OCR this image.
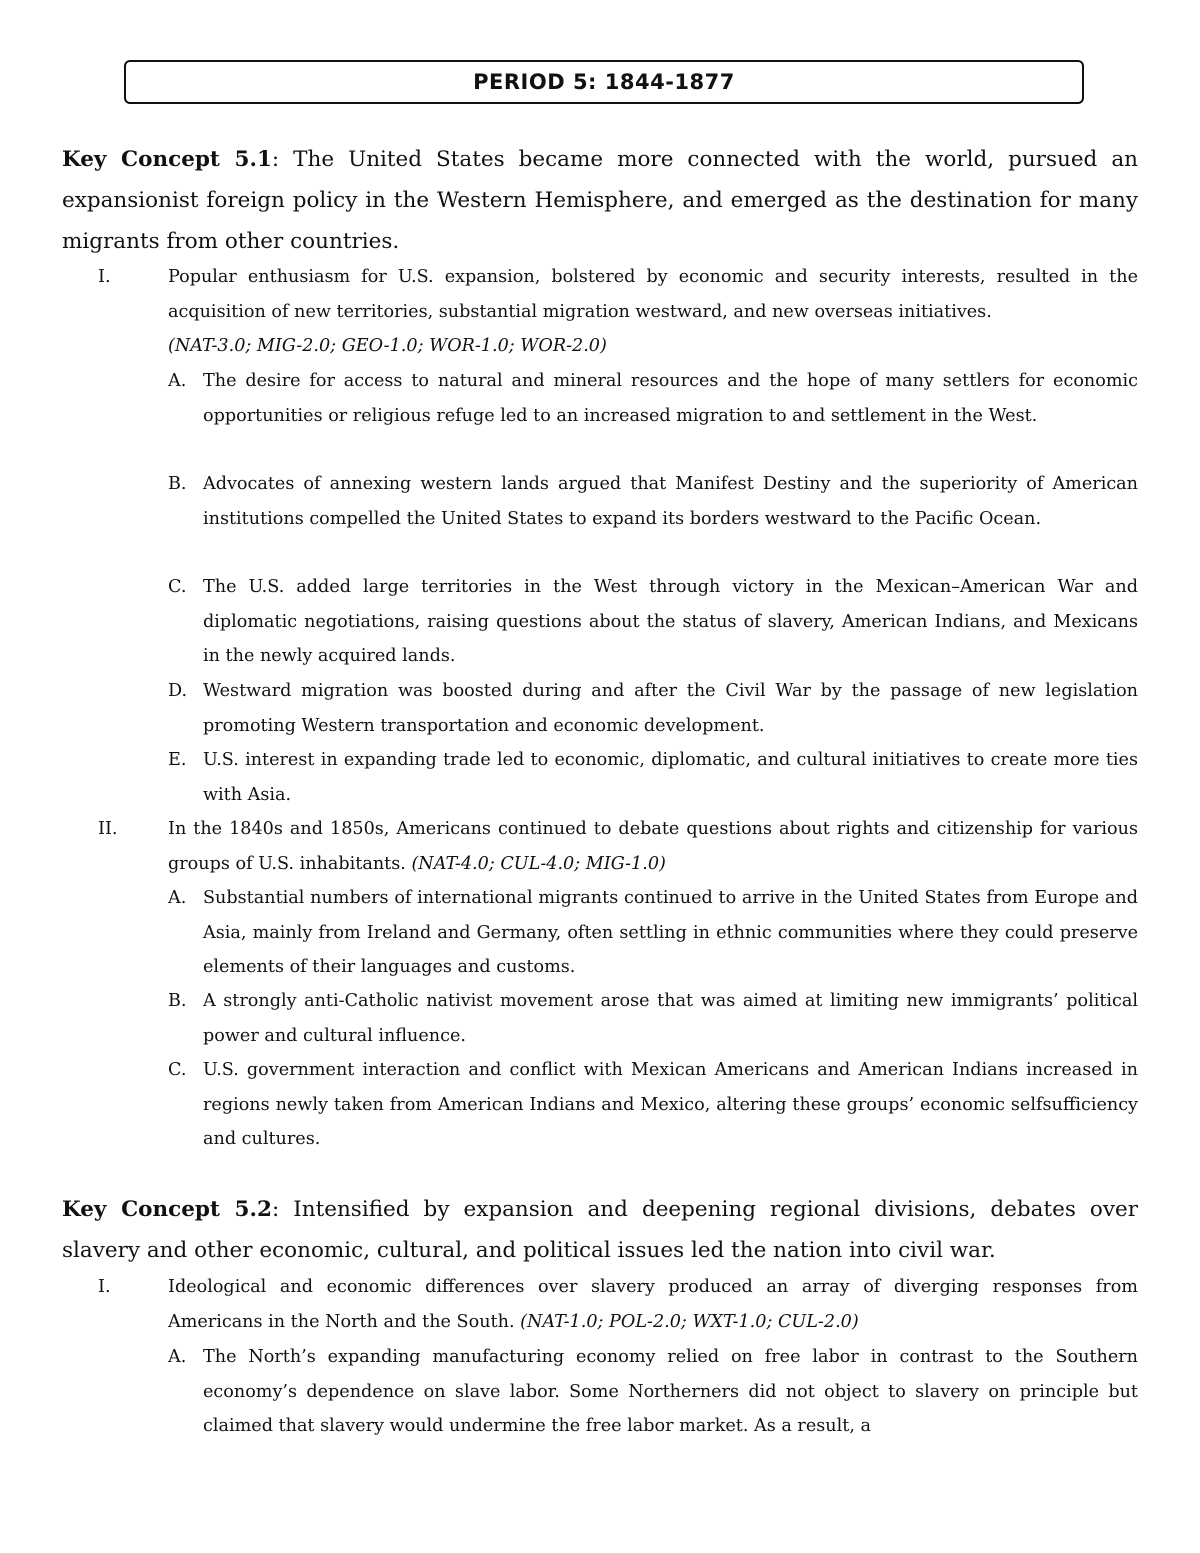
PERIOD 5: 1844-1877
Key Concept 5.1: The United States became more connected with the world, pursued an expansionist foreign policy in the Western Hemisphere, and emerged as the destination for many migrants from other countries.
I.	Popular enthusiasm for U.S. expansion, bolstered by economic and security interests, resulted in the acquisition of new territories, substantial migration westward, and new overseas initiatives.
(NAT-3.0; MIG-2.0; GEO-1.0; WOR-1.0; WOR-2.0)
A. The desire for access to natural and mineral resources and the hope of many settlers for economic opportunities or religious refuge led to an increased migration to and settlement in the West.
B. Advocates of annexing western lands argued that Manifest Destiny and the superiority of American institutions compelled the United States to expand its borders westward to the Pacific Ocean.
C. The U.S. added large territories in the West through victory in the Mexican–American War and diplomatic negotiations, raising questions about the status of slavery, American Indians, and Mexicans in the newly acquired lands.
D. Westward migration was boosted during and after the Civil War by the passage of new legislation promoting Western transportation and economic development.
E. U.S. interest in expanding trade led to economic, diplomatic, and cultural initiatives to create more ties with Asia.
II.	In the 1840s and 1850s, Americans continued to debate questions about rights and citizenship for various groups of U.S. inhabitants. (NAT-4.0; CUL-4.0; MIG-1.0)
A. Substantial numbers of international migrants continued to arrive in the United States from Europe and Asia, mainly from Ireland and Germany, often settling in ethnic communities where they could preserve elements of their languages and customs.
B. A strongly anti-Catholic nativist movement arose that was aimed at limiting new immigrants’ political power and cultural influence.
C. U.S. government interaction and conflict with Mexican Americans and American Indians increased in regions newly taken from American Indians and Mexico, altering these groups’ economic selfsufficiency and cultures.
Key Concept 5.2: Intensified by expansion and deepening regional divisions, debates over slavery and other economic, cultural, and political issues led the nation into civil war.
I.	Ideological and economic differences over slavery produced an array of diverging responses from Americans in the North and the South. (NAT-1.0; POL-2.0; WXT-1.0; CUL-2.0)
A. The North’s expanding manufacturing economy relied on free labor in contrast to the Southern economy’s dependence on slave labor. Some Northerners did not object to slavery on principle but claimed that slavery would undermine the free labor market. As a result, a
